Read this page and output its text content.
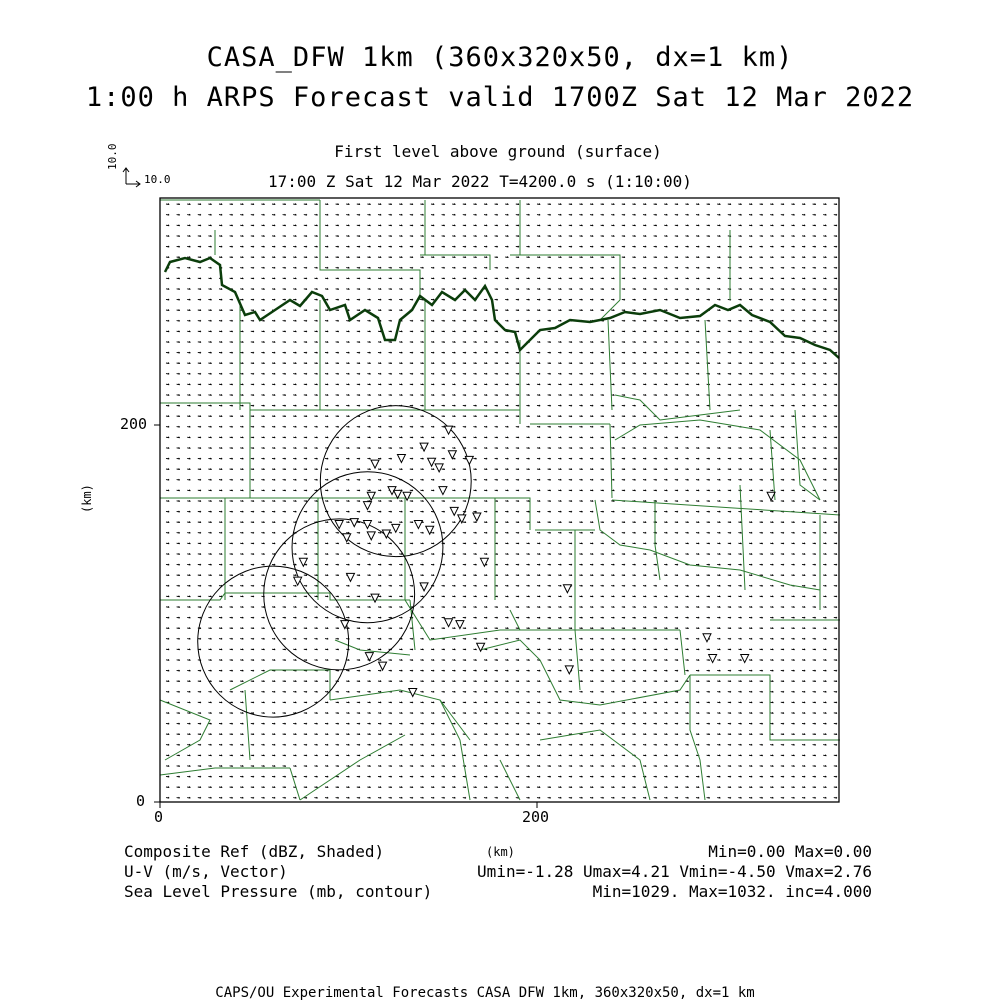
CASA_DFW 1km (360x320x50, dx=1 km)
1:00 h ARPS Forecast valid 1700Z Sat 12 Mar 2022
First level above ground (surface)
17:00 Z Sat 12 Mar 2022 T=4200.0 s (1:10:00)
10.0
10.0
200
0
0	200
(km)
(km)
Composite Ref (dBZ, Shaded)	Min=0.00 Max=0.00
U-V (m/s, Vector)	Umin=-1.28 Umax=4.21 Vmin=-4.50 Vmax=2.76
Sea Level Pressure (mb, contour)	Min=1029. Max=1032. inc=4.000
CAPS/OU Experimental Forecasts CASA DFW 1km, 360x320x50, dx=1 km
